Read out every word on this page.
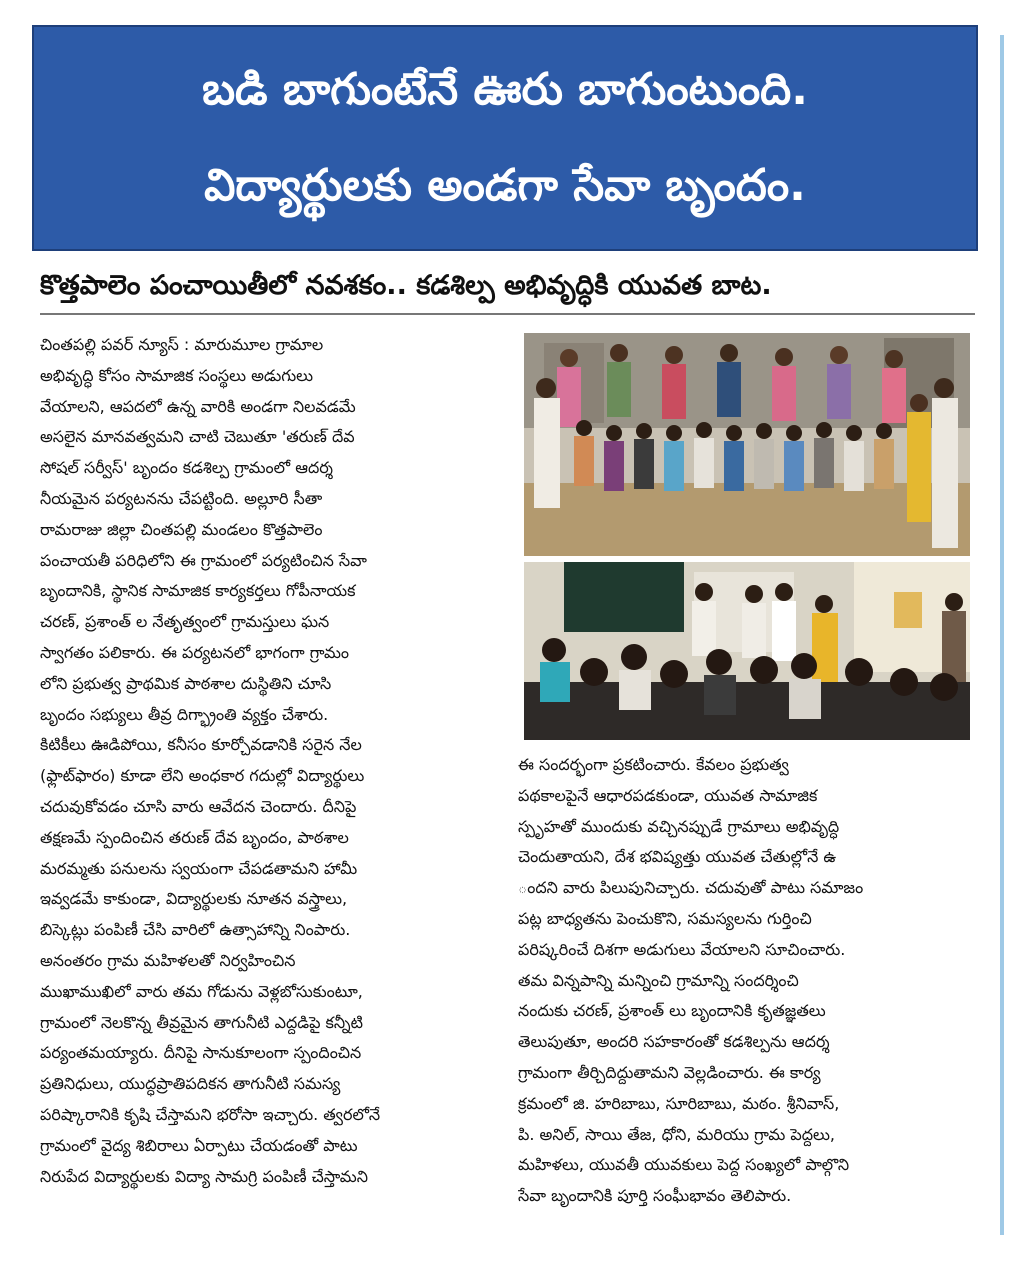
బడి బాగుంటేనే ఊరు బాగుంటుంది.
విద్యార్థులకు అండగా సేవా బృందం.
కొత్తపాలెం పంచాయితీలో నవశకం.. కడశిల్ప అభివృద్ధికి యువత బాట.
చింతపల్లి పవర్ న్యూస్ : మారుమూల గ్రామాల
అభివృద్ధి కోసం సామాజిక సంస్థలు అడుగులు
వేయాలని, ఆపదలో ఉన్న వారికి అండగా నిలవడమే
అసలైన మానవత్వమని చాటి చెబుతూ 'తరుణ్ దేవ
సోషల్ సర్వీస్' బృందం కడశిల్ప గ్రామంలో ఆదర్శ
నీయమైన పర్యటనను చేపట్టింది. అల్లూరి సీతా
రామరాజు జిల్లా చింతపల్లి మండలం కొత్తపాలెం
పంచాయతీ పరిధిలోని ఈ గ్రామంలో పర్యటించిన సేవా
బృందానికి, స్థానిక సామాజిక కార్యకర్తలు గోపీనాయక
చరణ్, ప్రశాంత్ ల నేతృత్వంలో గ్రామస్తులు ఘన
స్వాగతం పలికారు. ఈ పర్యటనలో భాగంగా గ్రామం
లోని ప్రభుత్వ ప్రాథమిక పాఠశాల దుస్థితిని చూసి
బృందం సభ్యులు తీవ్ర దిగ్భ్రాంతి వ్యక్తం చేశారు.
కిటికీలు ఊడిపోయి, కనీసం కూర్చోవడానికి సరైన నేల
(ఫ్లాట్‌ఫారం) కూడా లేని అంధకార గదుల్లో విద్యార్థులు
చదువుకోవడం చూసి వారు ఆవేదన చెందారు. దీనిపై
తక్షణమే స్పందించిన తరుణ్ దేవ బృందం, పాఠశాల
మరమ్మతు పనులను స్వయంగా చేపడతామని హామీ
ఇవ్వడమే కాకుండా, విద్యార్థులకు నూతన వస్త్రాలు,
బిస్కెట్లు పంపిణీ చేసి వారిలో ఉత్సాహాన్ని నింపారు.
అనంతరం గ్రామ మహిళలతో నిర్వహించిన
ముఖాముఖిలో వారు తమ గోడును వెళ్లబోసుకుంటూ,
గ్రామంలో నెలకొన్న తీవ్రమైన తాగునీటి ఎద్దడిపై కన్నీటి
పర్యంతమయ్యారు. దీనిపై సానుకూలంగా స్పందించిన
ప్రతినిధులు, యుద్ధప్రాతిపదికన తాగునీటి సమస్య
పరిష్కారానికి కృషి చేస్తామని భరోసా ఇచ్చారు. త్వరలోనే
గ్రామంలో వైద్య శిబిరాలు ఏర్పాటు చేయడంతో పాటు
నిరుపేద విద్యార్థులకు విద్యా సామగ్రి పంపిణీ చేస్తామని
ఈ సందర్భంగా ప్రకటించారు. కేవలం ప్రభుత్వ
పథకాలపైనే ఆధారపడకుండా, యువత సామాజిక
స్పృహతో ముందుకు వచ్చినప్పుడే గ్రామాలు అభివృద్ధి
చెందుతాయని, దేశ భవిష్యత్తు యువత చేతుల్లోనే ఉ
ందని వారు పిలుపునిచ్చారు. చదువుతో పాటు సమాజం
పట్ల బాధ్యతను పెంచుకొని, సమస్యలను గుర్తించి
పరిష్కరించే దిశగా అడుగులు వేయాలని సూచించారు.
తమ విన్నపాన్ని మన్నించి గ్రామాన్ని సందర్శించి
నందుకు చరణ్, ప్రశాంత్ లు బృందానికి కృతజ్ఞతలు
తెలుపుతూ, అందరి సహకారంతో కడశిల్పను ఆదర్శ
గ్రామంగా తీర్చిదిద్దుతామని వెల్లడించారు. ఈ కార్య
క్రమంలో జి. హరిబాబు, సూరిబాబు, మఠం. శ్రీనివాస్,
పి. అనిల్, సాయి తేజ, ధోని, మరియు గ్రామ పెద్దలు,
మహిళలు, యువతీ యువకులు పెద్ద సంఖ్యలో పాల్గొని
సేవా బృందానికి పూర్తి సంఘీభావం తెలిపారు.
